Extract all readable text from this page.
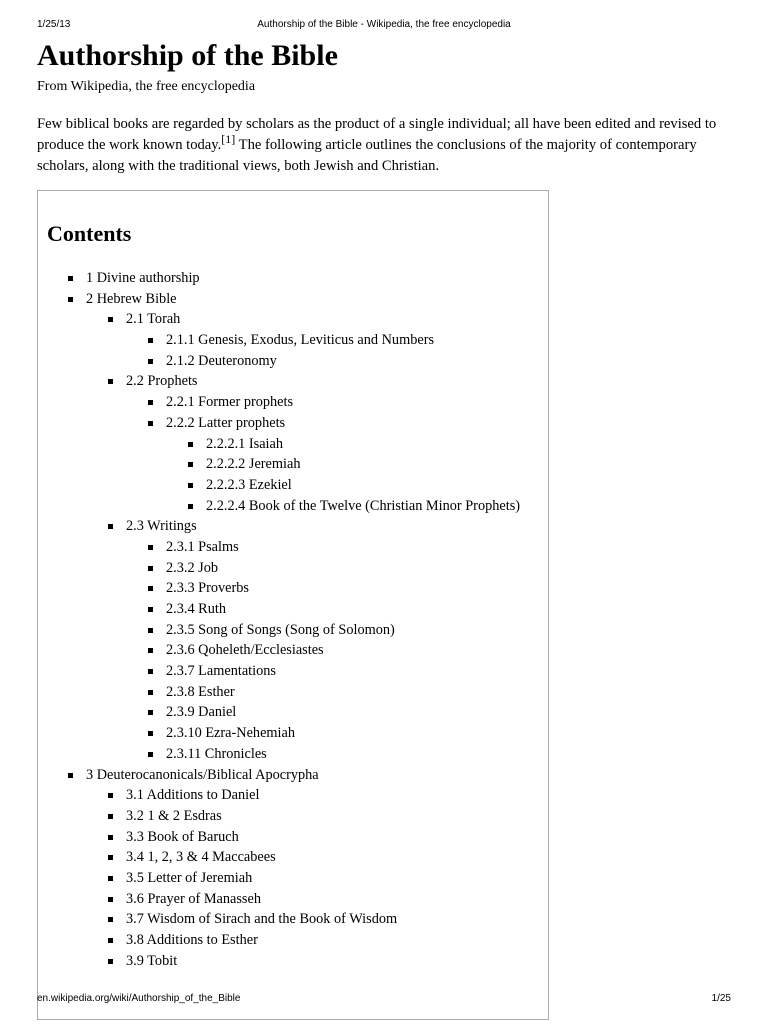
1/25/13	Authorship of the Bible - Wikipedia, the free encyclopedia
Authorship of the Bible
From Wikipedia, the free encyclopedia

Few biblical books are regarded by scholars as the product of a single individual; all have been edited and revised to produce the work known today.[1] The following article outlines the conclusions of the majority of contemporary scholars, along with the traditional views, both Jewish and Christian.

Contents
1 Divine authorship
2 Hebrew Bible
2.1 Torah
2.1.1 Genesis, Exodus, Leviticus and Numbers
2.1.2 Deuteronomy
2.2 Prophets
2.2.1 Former prophets
2.2.2 Latter prophets
2.2.2.1 Isaiah
2.2.2.2 Jeremiah
2.2.2.3 Ezekiel
2.2.2.4 Book of the Twelve (Christian Minor Prophets)
2.3 Writings
2.3.1 Psalms
2.3.2 Job
2.3.3 Proverbs
2.3.4 Ruth
2.3.5 Song of Songs (Song of Solomon)
2.3.6 Qoheleth/Ecclesiastes
2.3.7 Lamentations
2.3.8 Esther
2.3.9 Daniel
2.3.10 Ezra-Nehemiah
2.3.11 Chronicles
3 Deuterocanonicals/Biblical Apocrypha
3.1 Additions to Daniel
3.2 1 & 2 Esdras
3.3 Book of Baruch
3.4 1, 2, 3 & 4 Maccabees
3.5 Letter of Jeremiah
3.6 Prayer of Manasseh
3.7 Wisdom of Sirach and the Book of Wisdom
3.8 Additions to Esther
3.9 Tobit
en.wikipedia.org/wiki/Authorship_of_the_Bible	1/25
